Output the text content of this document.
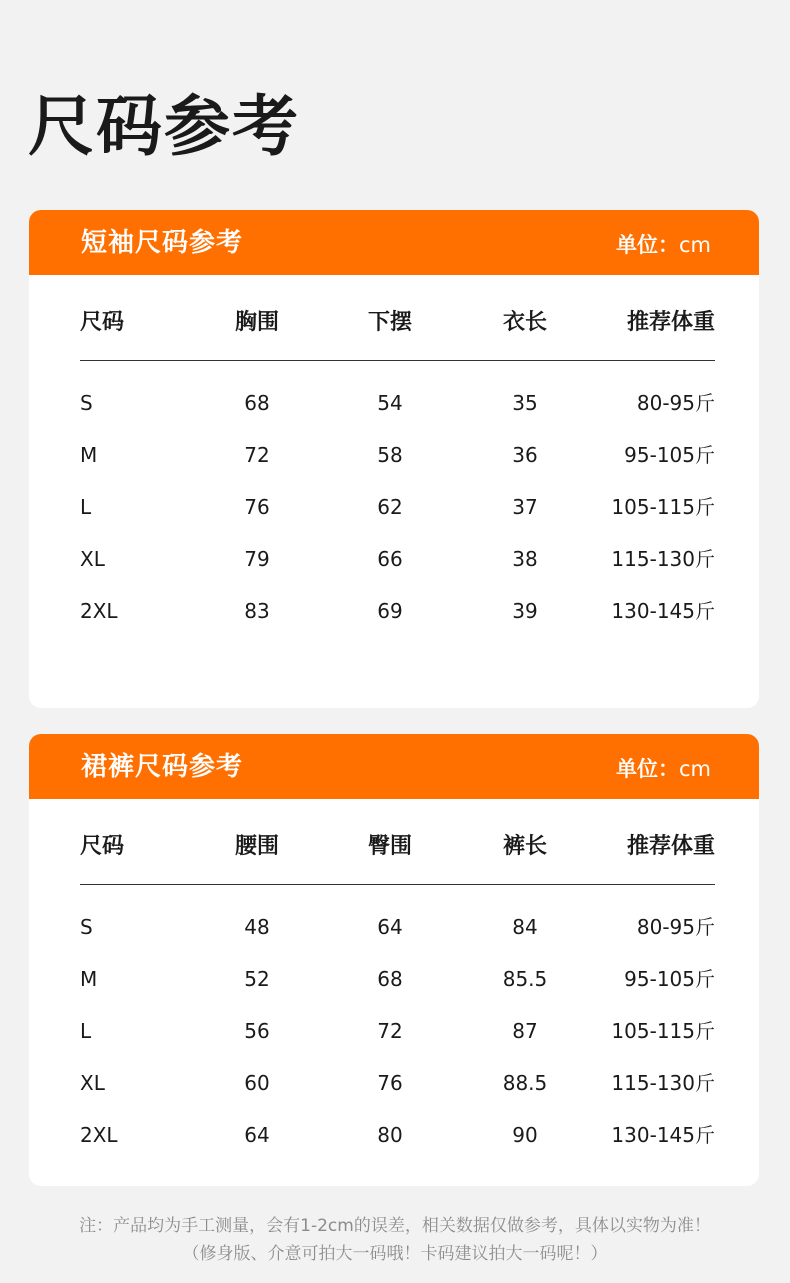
尺码参考
短袖尺码参考	单位：cm
尺码	胸围	下摆	衣长	推荐体重
S	68	54	35	80-95斤
M	72	58	36	95-105斤
L	76	62	37	105-115斤
XL	79	66	38	115-130斤
2XL	83	69	39	130-145斤
裙裤尺码参考	单位：cm
尺码	腰围	臀围	裤长	推荐体重
S	48	64	84	80-95斤
M	52	68	85.5	95-105斤
L	56	72	87	105-115斤
XL	60	76	88.5	115-130斤
2XL	64	80	90	130-145斤

注：产品均为手工测量，会有1-2cm的误差，相关数据仅做参考，具体以实物为准！

（修身版、介意可拍大一码哦！卡码建议拍大一码呢！）
